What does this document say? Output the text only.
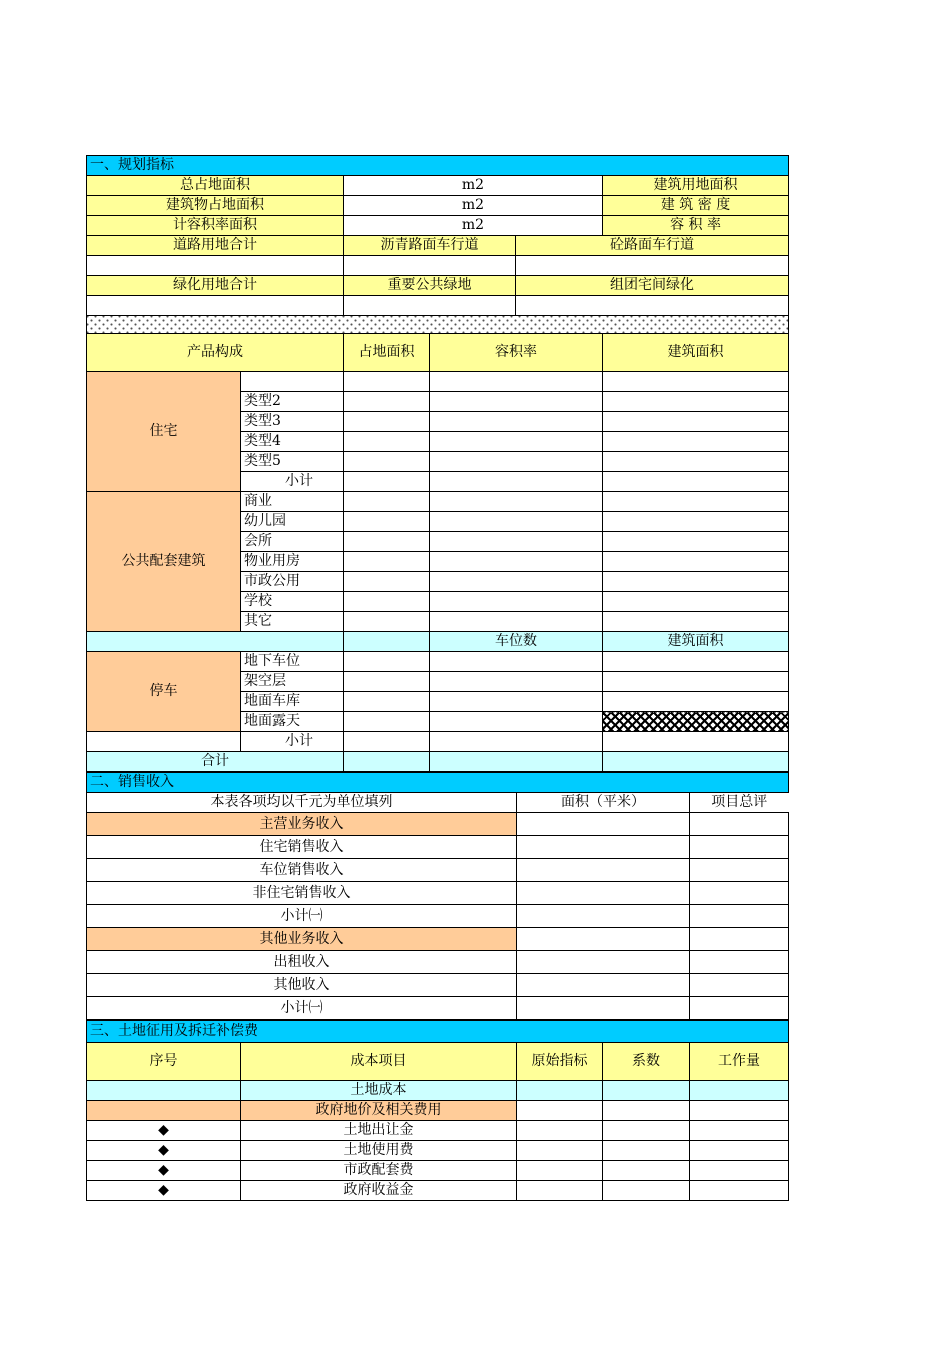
一、规划指标					
总占地面积		m2			建筑用地面积
建筑物占地面积		m2			建 筑 密 度
计容积率面积		m2			容 积 率
道路用地合计		沥青路面车行道		砼路面车行道	

绿化用地合计		重要公共绿地		组团宅间绿化	

产品构成		占地面积	容积率		建筑面积
住宅					
	类型2				
	类型3				
	类型4				
	类型5				
	小计				
公共配套建筑	商业				
	幼儿园				
	会所				
	物业用房				
	市政公用				
	学校				
	其它				
			车位数		建筑面积
停车	地下车位				
	架空层				
	地面车库				
	地面露天				
	小计				
合计					
二、销售收入		
本表各项均以千元为单位填列	面积（平米）	项目总评
主营业务收入		
住宅销售收入		
车位销售收入		
非住宅销售收入		
小计㈠		
其他业务收入		
出租收入		
其他收入		
小计㈠		
三、土地征用及拆迁补偿费				
序号	成本项目	原始指标	系数	工作量
	土地成本			
	政府地价及相关费用			
◆	土地出让金			
◆	土地使用费			
◆	市政配套费			
◆	政府收益金			
